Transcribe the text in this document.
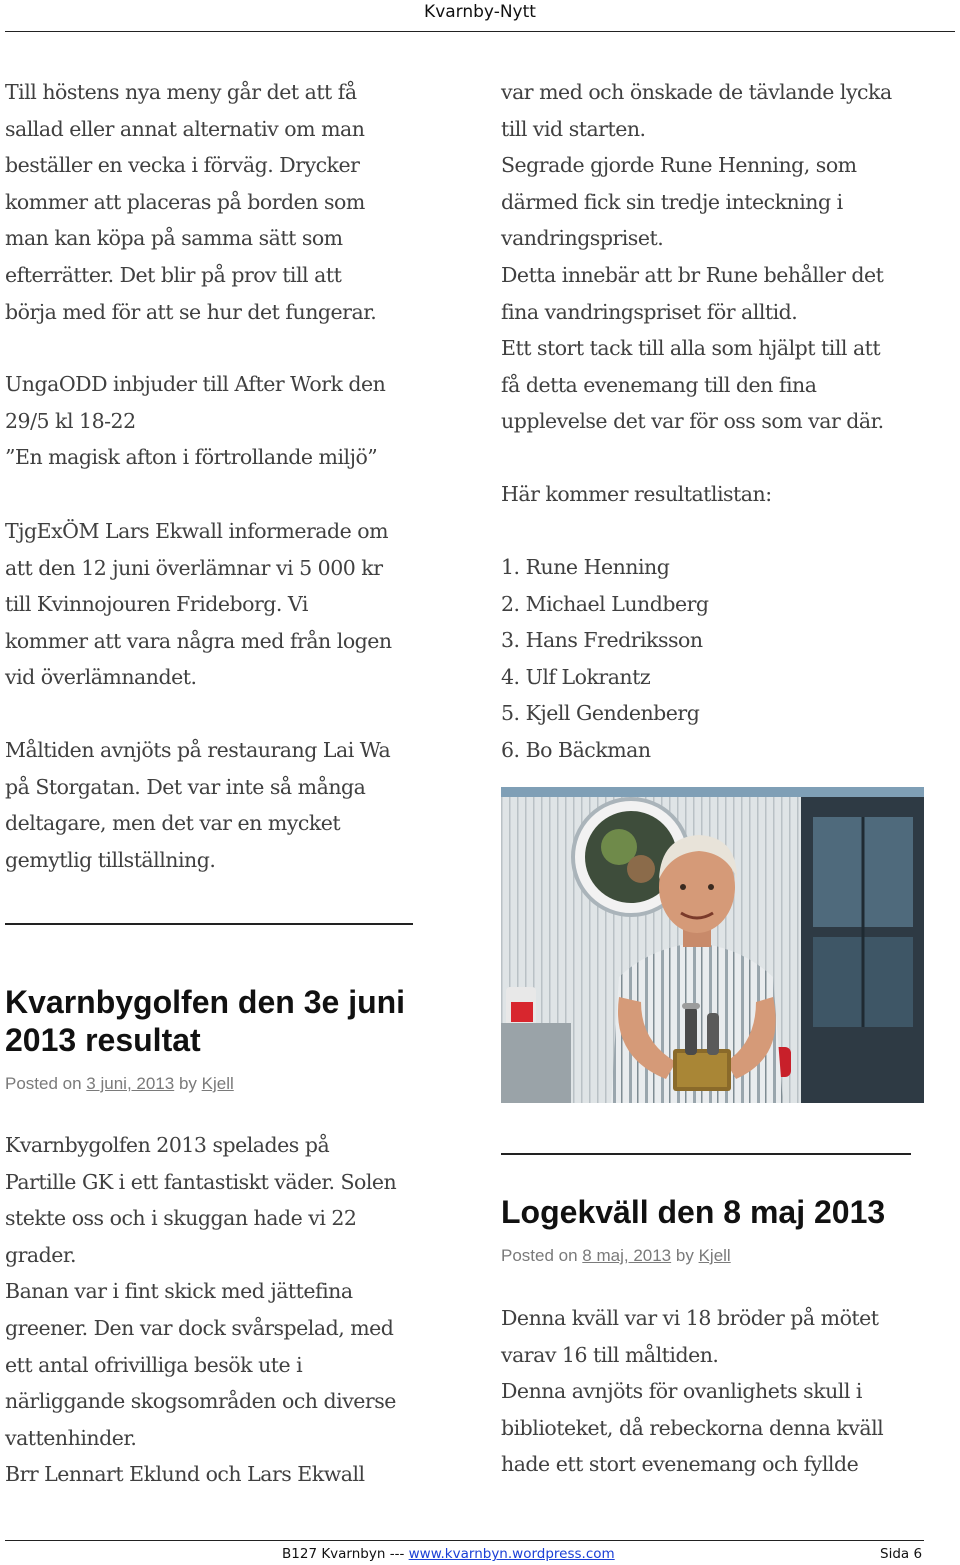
Kvarnby-Nytt

Till höstens nya meny går det att få

sallad eller annat alternativ om man

beställer en vecka i förväg. Drycker

kommer att placeras på borden som

man kan köpa på samma sätt som

efterrätter. Det blir på prov till att

börja med för att se hur det fungerar.

UngaODD inbjuder till After Work den

29/5 kl 18-22

”En magisk afton i förtrollande miljö”

TjgExÖM Lars Ekwall informerade om

att den 12 juni överlämnar vi 5 000 kr

till Kvinnojouren Frideborg. Vi

kommer att vara några med från logen

vid överlämnandet.

Måltiden avnjöts på restaurang Lai Wa

på Storgatan. Det var inte så många

deltagare, men det var en mycket

gemytlig tillställning.

Kvarnbygolfen den 3e juni

2013 resultat

Posted on 3 juni, 2013 by Kjell

Kvarnbygolfen 2013 spelades på

Partille GK i ett fantastiskt väder. Solen

stekte oss och i skuggan hade vi 22

grader.

Banan var i fint skick med jättefina

greener. Den var dock svårspelad, med

ett antal ofrivilliga besök ute i

närliggande skogsområden och diverse

vattenhinder.

Brr Lennart Eklund och Lars Ekwall

var med och önskade de tävlande lycka

till vid starten.

Segrade gjorde Rune Henning, som

därmed fick sin tredje inteckning i

vandringspriset.

Detta innebär att br Rune behåller det

fina vandringspriset för alltid.

Ett stort tack till alla som hjälpt till att

få detta evenemang till den fina

upplevelse det var för oss som var där.

Här kommer resultatlistan:

1. Rune Henning

2. Michael Lundberg

3. Hans Fredriksson

4. Ulf Lokrantz

5. Kjell Gendenberg

6. Bo Bäckman

Logekväll den 8 maj 2013

Posted on 8 maj, 2013 by Kjell

Denna kväll var vi 18 bröder på mötet

varav 16 till måltiden.

Denna avnjöts för ovanlighets skull i

biblioteket, då rebeckorna denna kväll

hade ett stort evenemang och fyllde

B127 Kvarnbyn --- www.kvarnbyn.wordpress.com	Sida 6
